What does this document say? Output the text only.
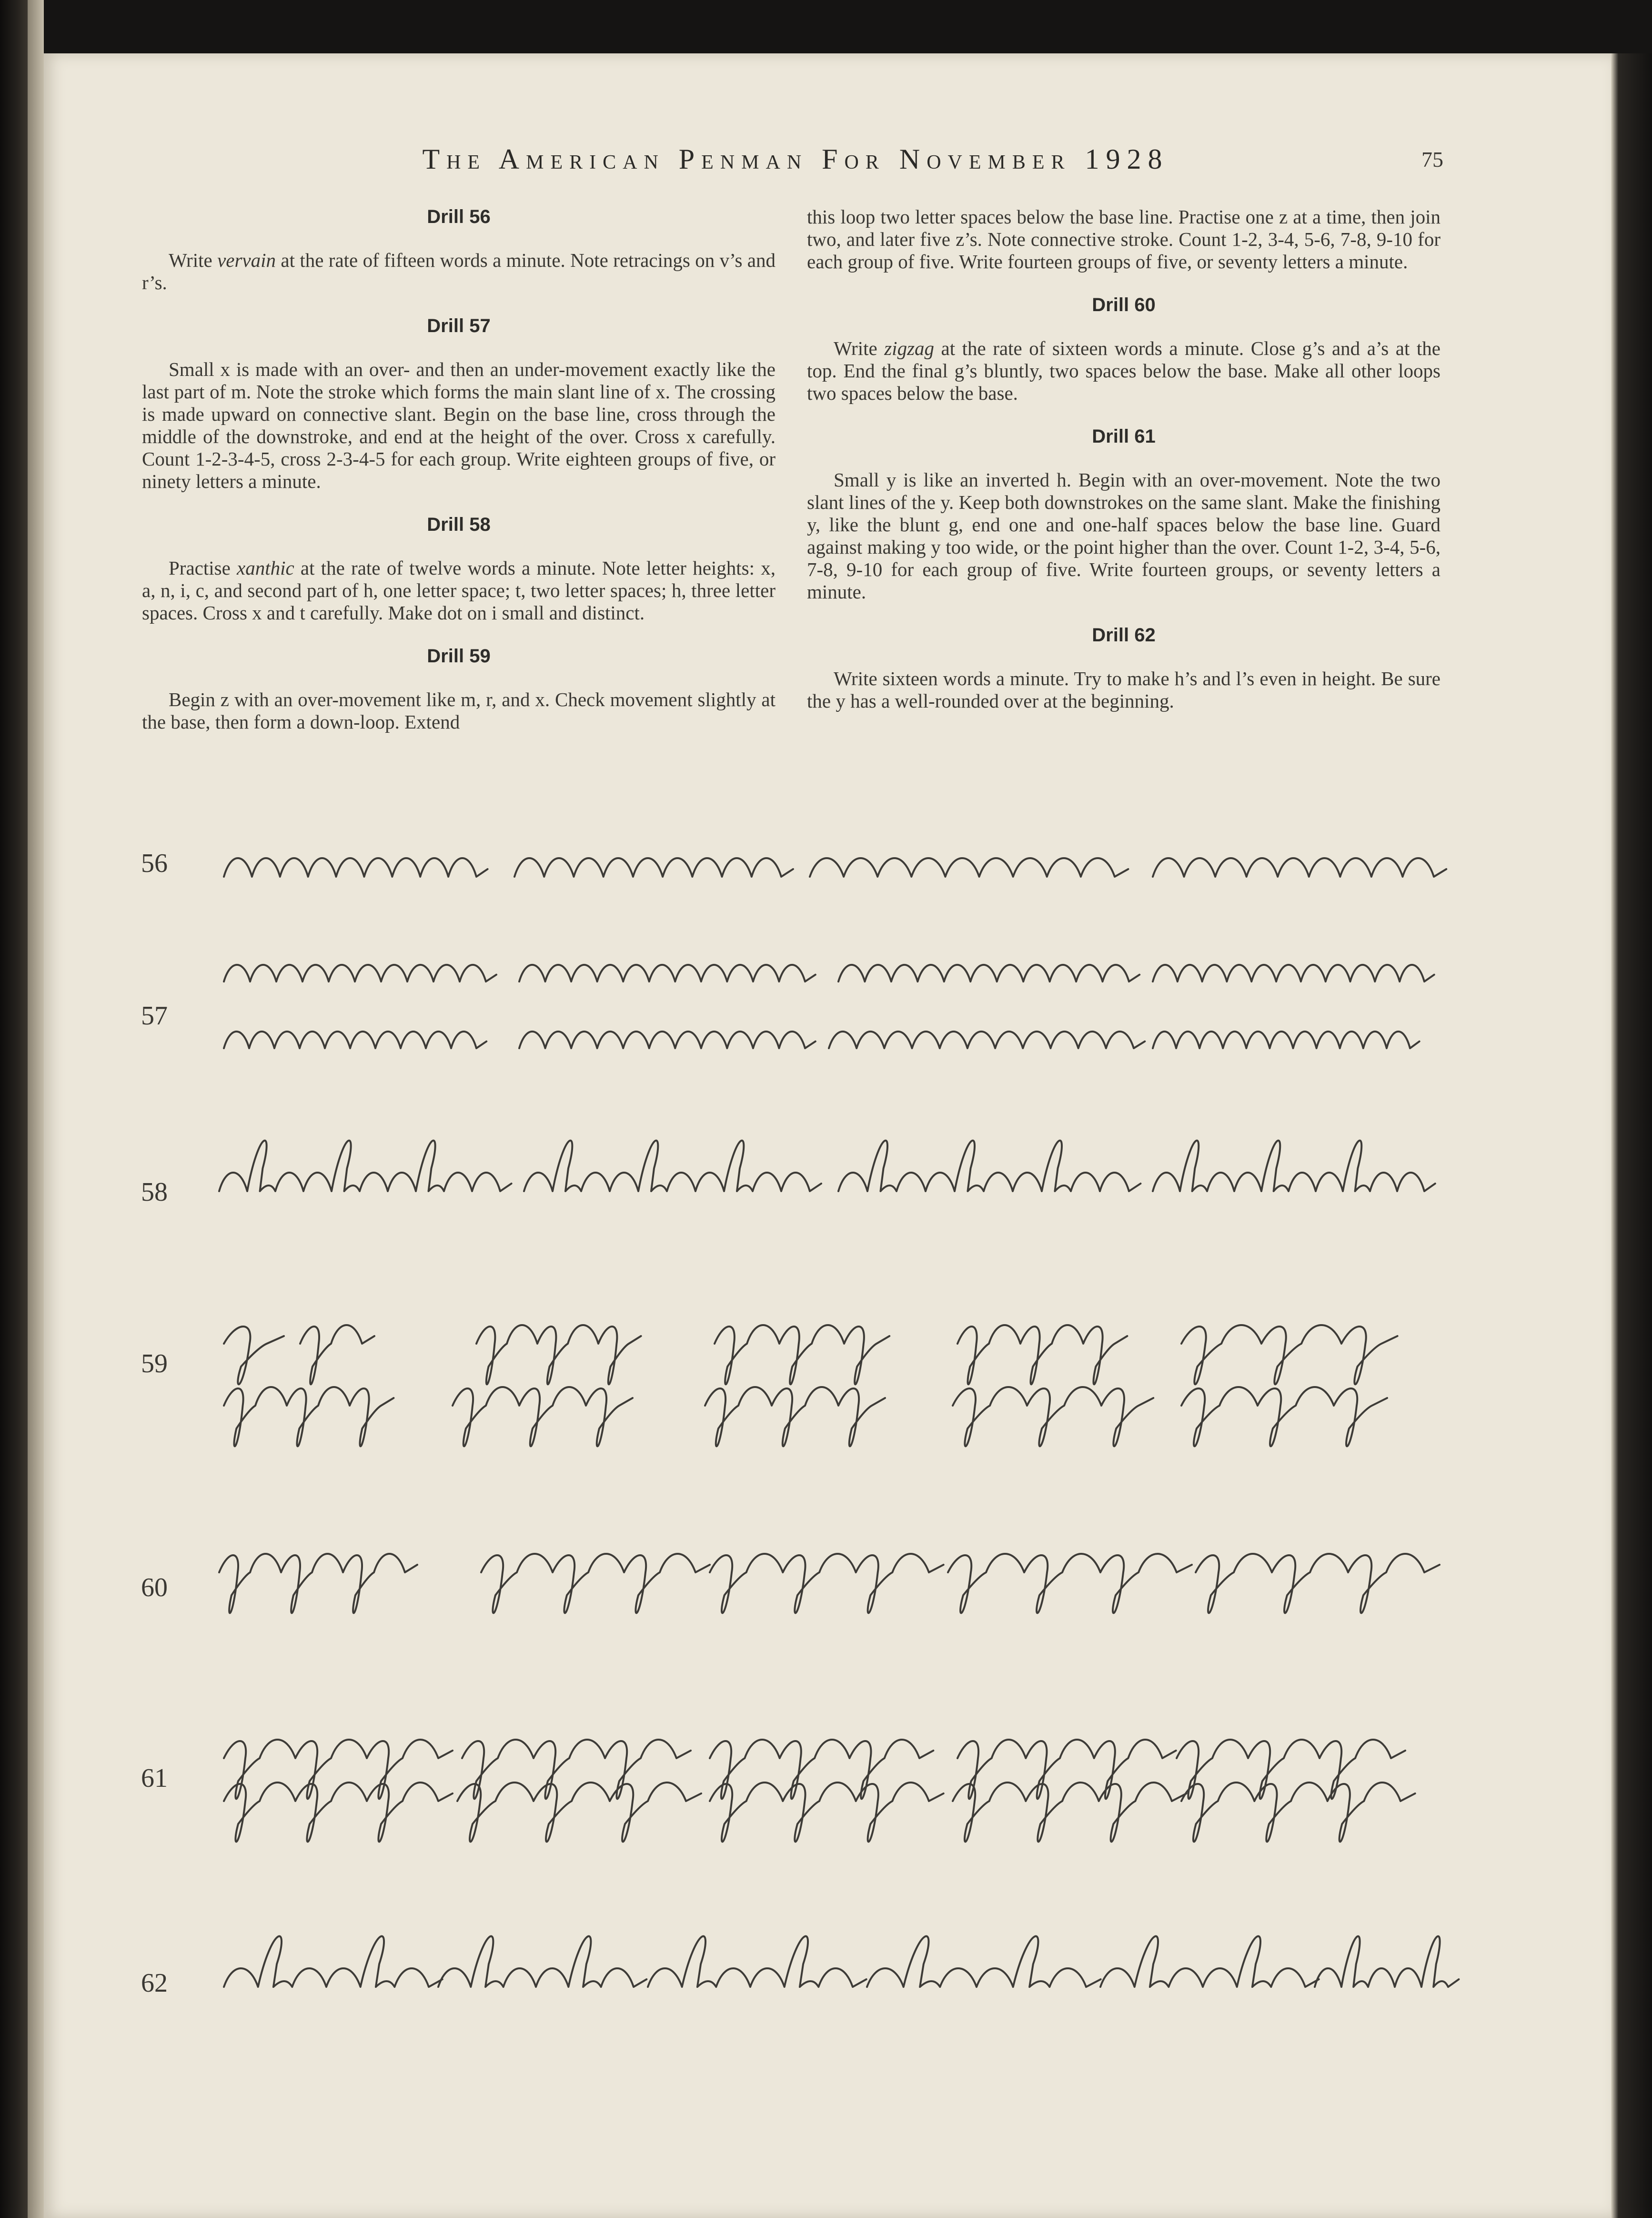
The American Penman For November 1928	75
Drill 56

Write vervain at the rate of fifteen words a minute. Note retracings on v’s and r’s.

Drill 57

Small x is made with an over- and then an under-movement exactly like the last part of m. Note the stroke which forms the main slant line of x. The crossing is made upward on connective slant. Begin on the base line, cross through the middle of the downstroke, and end at the height of the over. Cross x carefully. Count 1-2-3-4-5, cross 2-3-4-5 for each group. Write eighteen groups of five, or ninety letters a minute.

Drill 58

Practise xanthic at the rate of twelve words a minute. Note letter heights: x, a, n, i, c, and second part of h, one letter space; t, two letter spaces; h, three letter spaces. Cross x and t carefully. Make dot on i small and distinct.

Drill 59

Begin z with an over-movement like m, r, and x. Check movement slightly at the base, then form a down-loop. Extend

this loop two letter spaces below the base line. Practise one z at a time, then join two, and later five z’s. Note connective stroke. Count 1-2, 3-4, 5-6, 7-8, 9-10 for each group of five. Write fourteen groups of five, or seventy letters a minute.

Drill 60

Write zigzag at the rate of sixteen words a minute. Close g’s and a’s at the top. End the final g’s bluntly, two spaces below the base. Make all other loops two spaces below the base.

Drill 61

Small y is like an inverted h. Begin with an over-movement. Note the two slant lines of the y. Keep both downstrokes on the same slant. Make the finishing y, like the blunt g, end one and one-half spaces below the base line. Guard against making y too wide, or the point higher than the over. Count 1-2, 3-4, 5-6, 7-8, 9-10 for each group of five. Write fourteen groups, or seventy letters a minute.

Drill 62

Write sixteen words a minute. Try to make h’s and l’s even in height. Be sure the y has a well-rounded over at the beginning.

56
57
58
59
60
61
62
